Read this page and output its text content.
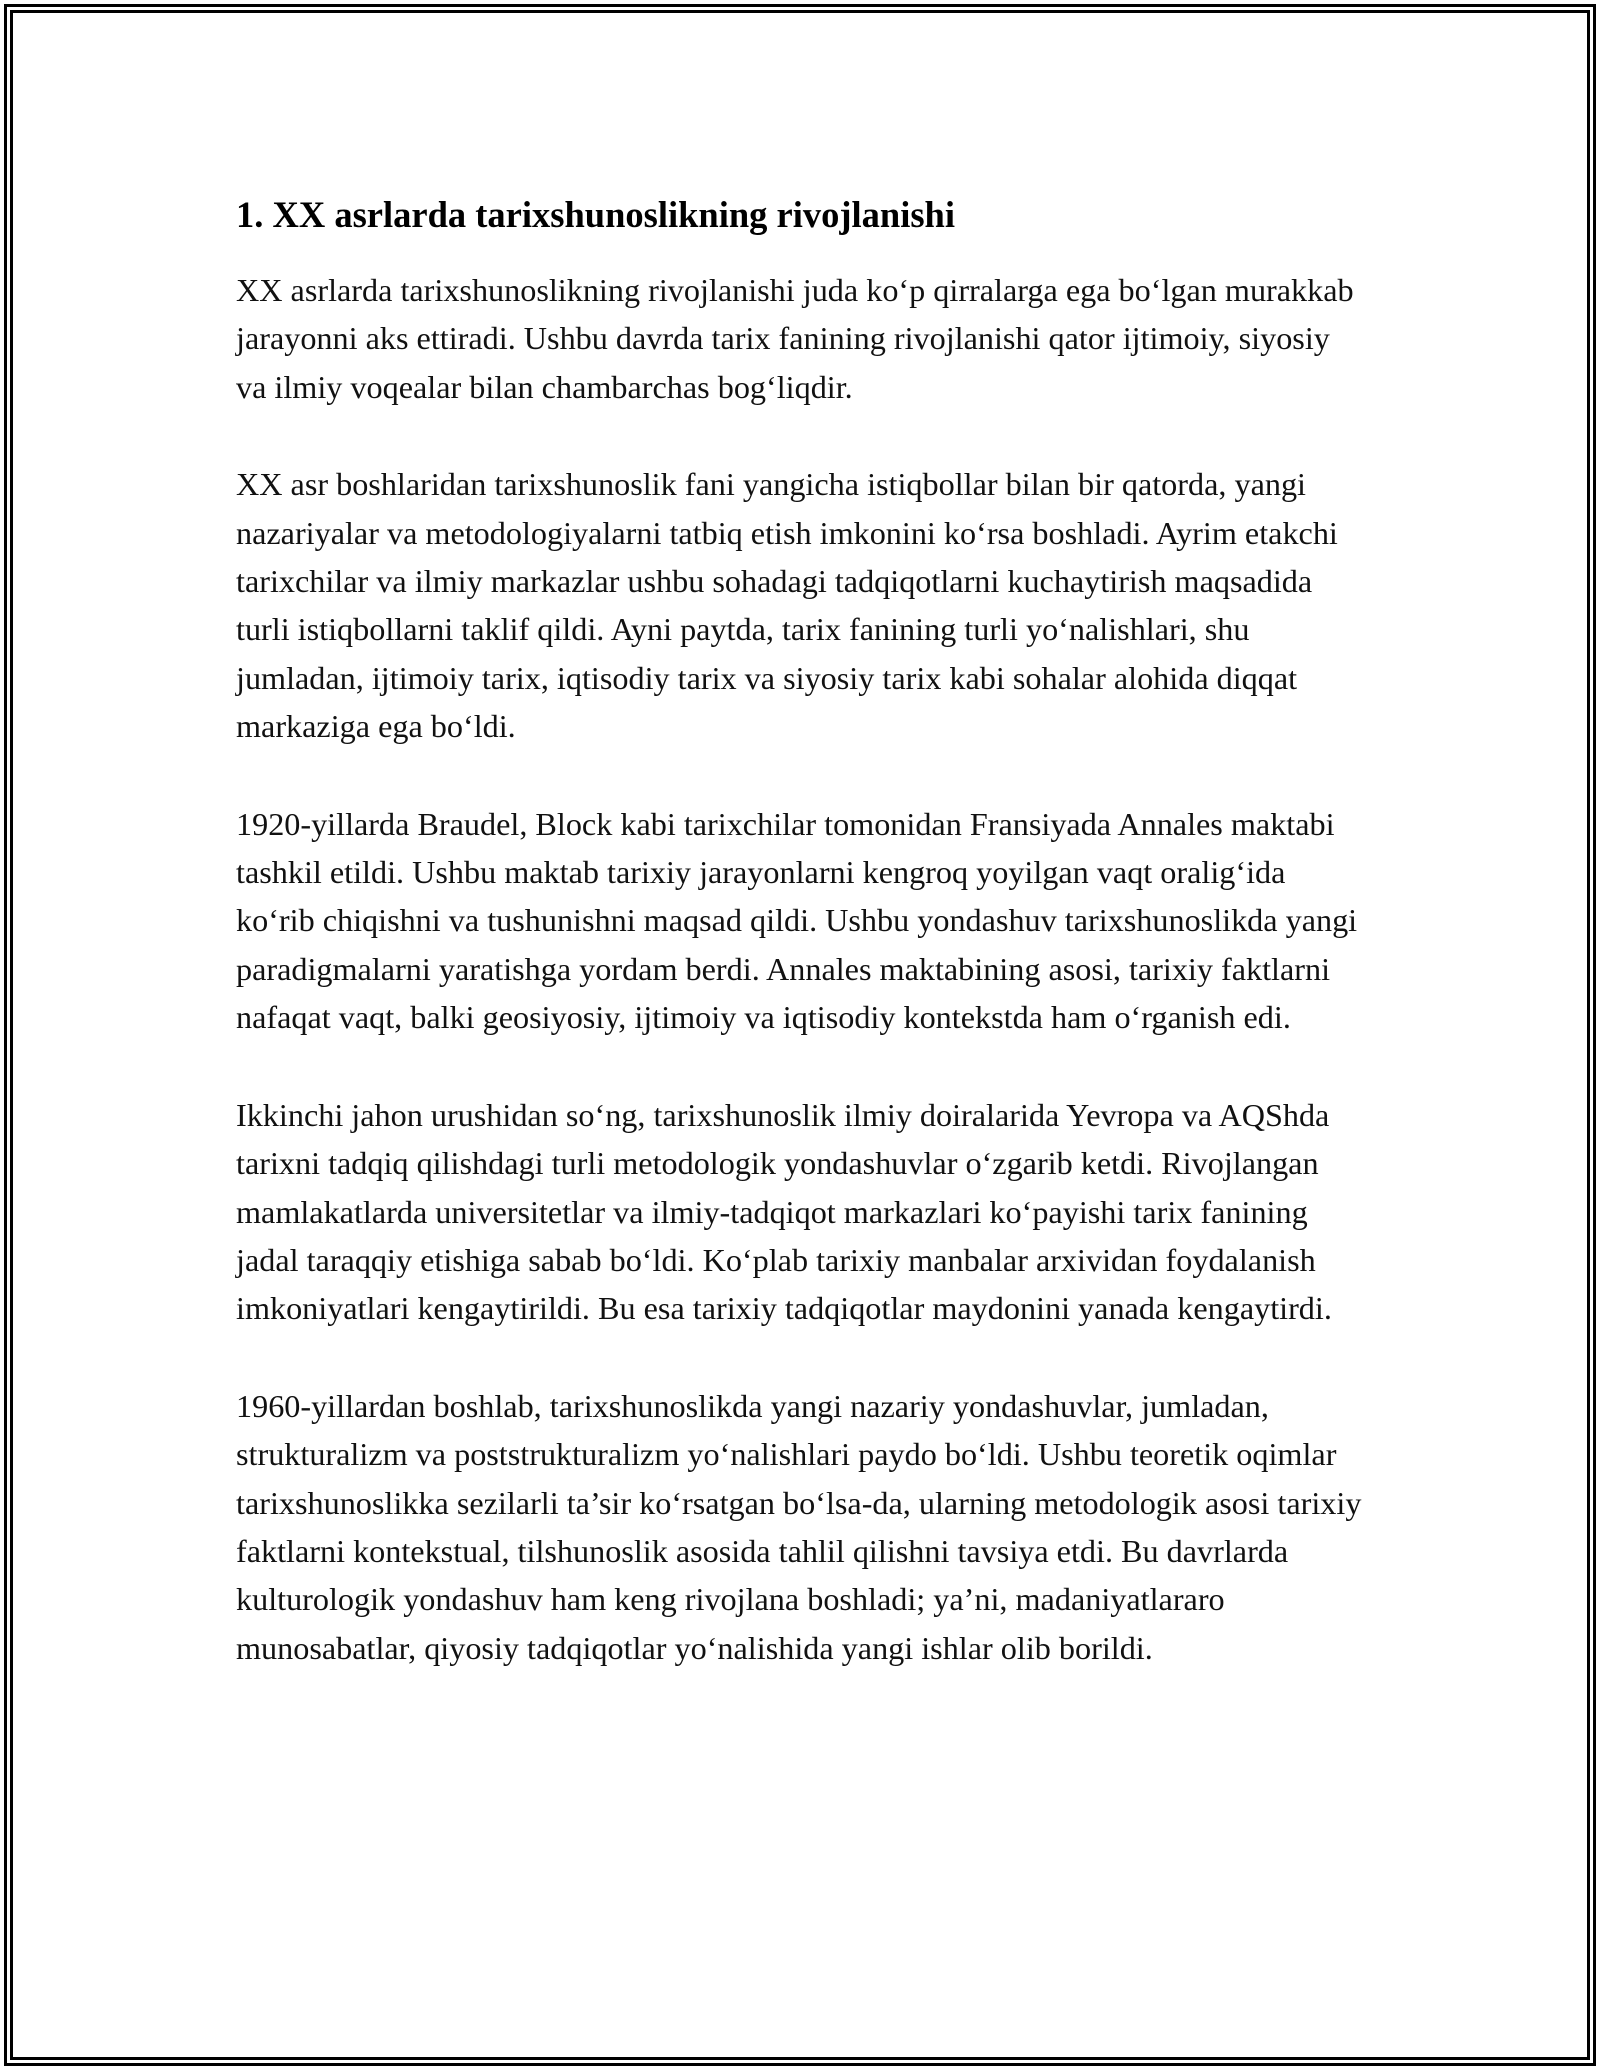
1. XX asrlarda tarixshunoslikning rivojlanishi

XX asrlarda tarixshunoslikning rivojlanishi juda ko‘p qirralarga ega bo‘lgan murakkab jarayonni aks ettiradi. Ushbu davrda tarix fanining rivojlanishi qator ijtimoiy, siyosiy va ilmiy voqealar bilan chambarchas bog‘liqdir.

XX asr boshlaridan tarixshunoslik fani yangicha istiqbollar bilan bir qatorda, yangi nazariyalar va metodologiyalarni tatbiq etish imkonini ko‘rsa boshladi. Ayrim etakchi tarixchilar va ilmiy markazlar ushbu sohadagi tadqiqotlarni kuchaytirish maqsadida turli istiqbollarni taklif qildi. Ayni paytda, tarix fanining turli yo‘nalishlari, shu jumladan, ijtimoiy tarix, iqtisodiy tarix va siyosiy tarix kabi sohalar alohida diqqat markaziga ega bo‘ldi.

1920-yillarda Braudel, Block kabi tarixchilar tomonidan Fransiyada Annales maktabi tashkil etildi. Ushbu maktab tarixiy jarayonlarni kengroq yoyilgan vaqt oralig‘ida ko‘rib chiqishni va tushunishni maqsad qildi. Ushbu yondashuv tarixshunoslikda yangi paradigmalarni yaratishga yordam berdi. Annales maktabining asosi, tarixiy faktlarni nafaqat vaqt, balki geosiyosiy, ijtimoiy va iqtisodiy kontekstda ham o‘rganish edi.

Ikkinchi jahon urushidan so‘ng, tarixshunoslik ilmiy doiralarida Yevropa va AQShda tarixni tadqiq qilishdagi turli metodologik yondashuvlar o‘zgarib ketdi. Rivojlangan mamlakatlarda universitetlar va ilmiy-tadqiqot markazlari ko‘payishi tarix fanining jadal taraqqiy etishiga sabab bo‘ldi. Ko‘plab tarixiy manbalar arxividan foydalanish imkoniyatlari kengaytirildi. Bu esa tarixiy tadqiqotlar maydonini yanada kengaytirdi.

1960-yillardan boshlab, tarixshunoslikda yangi nazariy yondashuvlar, jumladan, strukturalizm va poststrukturalizm yo‘nalishlari paydo bo‘ldi. Ushbu teoretik oqimlar tarixshunoslikka sezilarli ta’sir ko‘rsatgan bo‘lsa-da, ularning metodologik asosi tarixiy faktlarni kontekstual, tilshunoslik asosida tahlil qilishni tavsiya etdi. Bu davrlarda kulturologik yondashuv ham keng rivojlana boshladi; ya’ni, madaniyatlararo munosabatlar, qiyosiy tadqiqotlar yo‘nalishida yangi ishlar olib borildi.
